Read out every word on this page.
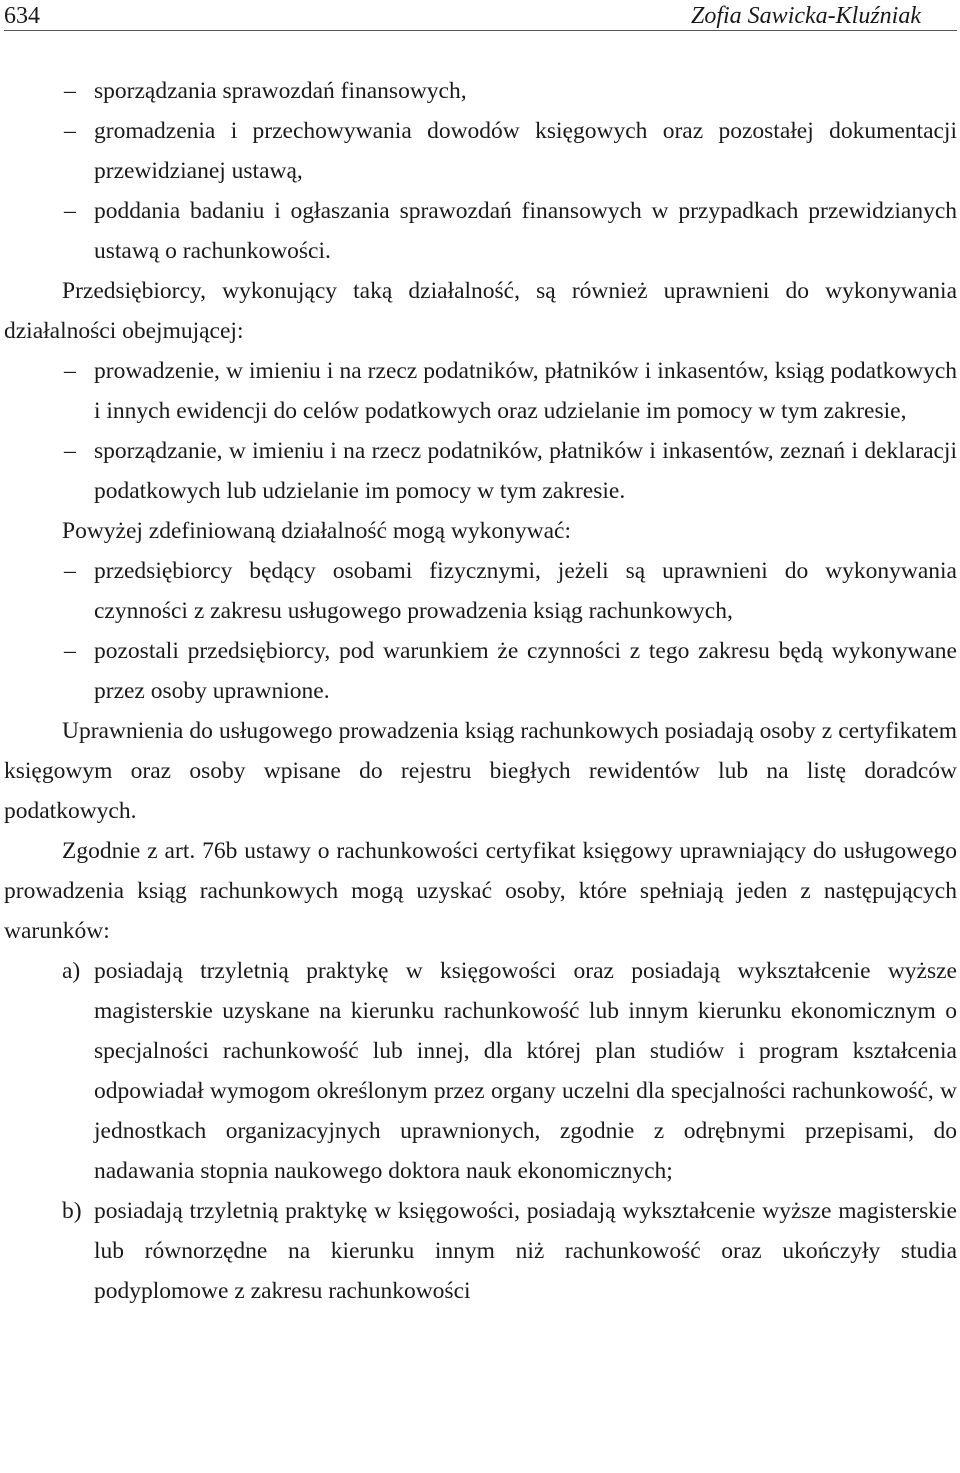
634	Zofia Sawicka-Kluźniak

– sporządzania sprawozdań finansowych,

– gromadzenia i przechowywania dowodów księgowych oraz pozostałej dokumentacji przewidzianej ustawą,

– poddania badaniu i ogłaszania sprawozdań finansowych w przypadkach przewidzianych ustawą o rachunkowości.

Przedsiębiorcy, wykonujący taką działalność, są również uprawnieni do wykonywania działalności obejmującej:

– prowadzenie, w imieniu i na rzecz podatników, płatników i inkasentów, ksiąg podatkowych i innych ewidencji do celów podatkowych oraz udzielanie im pomocy w tym zakresie,

– sporządzanie, w imieniu i na rzecz podatników, płatników i inkasentów, zeznań i deklaracji podatkowych lub udzielanie im pomocy w tym zakresie.

Powyżej zdefiniowaną działalność mogą wykonywać:

– przedsiębiorcy będący osobami fizycznymi, jeżeli są uprawnieni do wykonywania czynności z zakresu usługowego prowadzenia ksiąg rachunkowych,

– pozostali przedsiębiorcy, pod warunkiem że czynności z tego zakresu będą wykonywane przez osoby uprawnione.

Uprawnienia do usługowego prowadzenia ksiąg rachunkowych posiadają osoby z certyfikatem księgowym oraz osoby wpisane do rejestru biegłych rewidentów lub na listę doradców podatkowych.

Zgodnie z art. 76b ustawy o rachunkowości certyfikat księgowy uprawniający do usługowego prowadzenia ksiąg rachunkowych mogą uzyskać osoby, które spełniają jeden z następujących warunków:

a) posiadają trzyletnią praktykę w księgowości oraz posiadają wykształcenie wyższe magisterskie uzyskane na kierunku rachunkowość lub innym kierunku ekonomicznym o specjalności rachunkowość lub innej, dla której plan studiów i program kształcenia odpowiadał wymogom określonym przez organy uczelni dla specjalności rachunkowość, w jednostkach organizacyjnych uprawnionych, zgodnie z odrębnymi przepisami, do nadawania stopnia naukowego doktora nauk ekonomicznych;

b) posiadają trzyletnią praktykę w księgowości, posiadają wykształcenie wyższe magisterskie lub równorzędne na kierunku innym niż rachunkowość oraz ukończyły studia podyplomowe z zakresu rachunkowości
